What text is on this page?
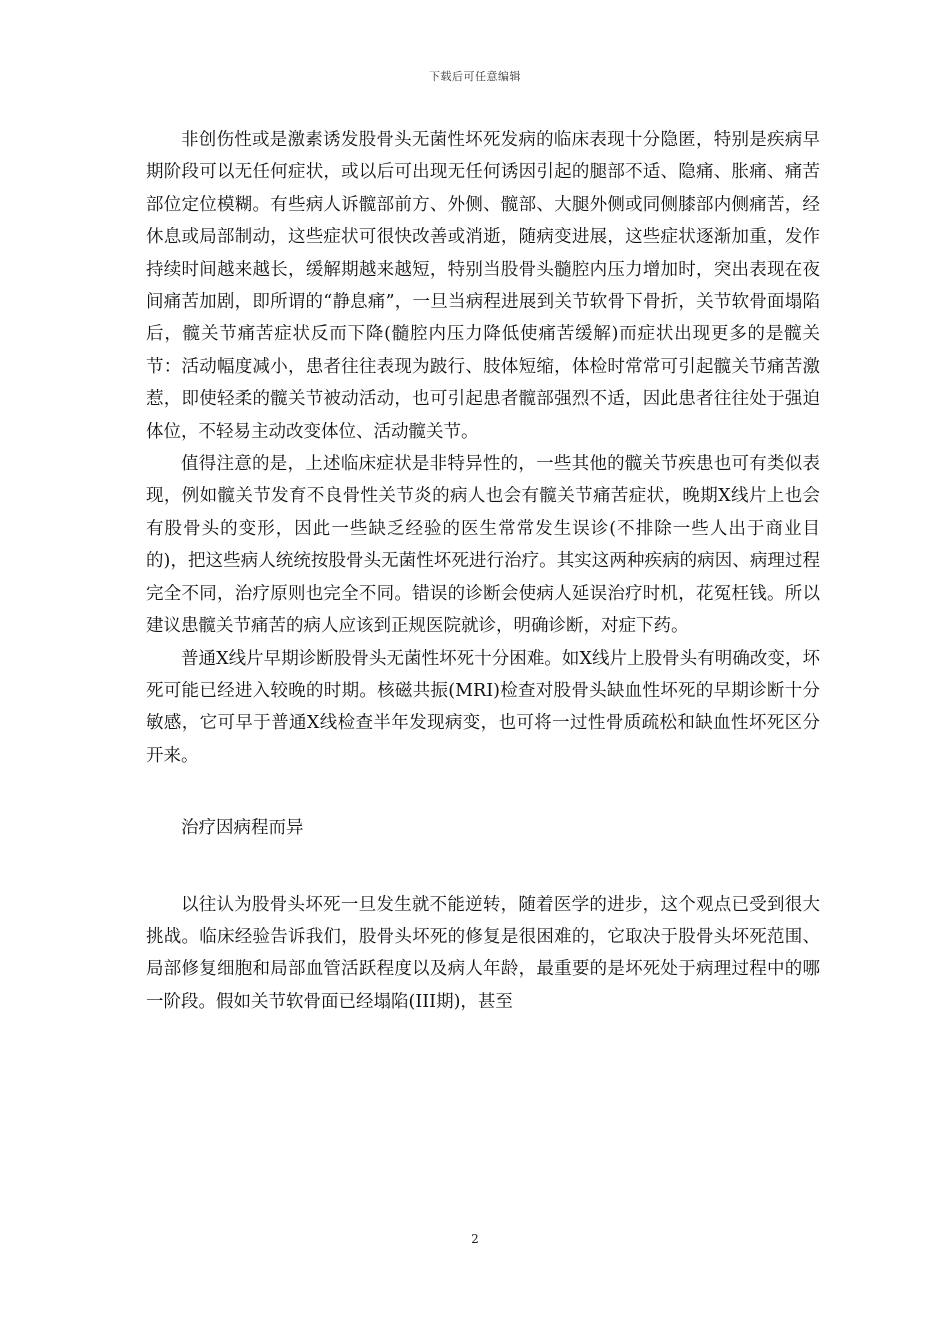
下载后可任意编辑

非创伤性或是激素诱发股骨头无菌性坏死发病的临床表现十分隐匿，特别是疾病早期阶段可以无任何症状，或以后可出现无任何诱因引起的腿部不适、隐痛、胀痛、痛苦部位定位模糊。有些病人诉髋部前方、外侧、髋部、大腿外侧或同侧膝部内侧痛苦，经休息或局部制动，这些症状可很快改善或消逝，随病变进展，这些症状逐渐加重，发作持续时间越来越长，缓解期越来越短，特别当股骨头髓腔内压力增加时，突出表现在夜间痛苦加剧，即所谓的“静息痛”，一旦当病程进展到关节软骨下骨折，关节软骨面塌陷后，髋关节痛苦症状反而下降(髓腔内压力降低使痛苦缓解)而症状出现更多的是髋关节：活动幅度减小，患者往往表现为跛行、肢体短缩，体检时常常可引起髋关节痛苦激惹，即使轻柔的髋关节被动活动，也可引起患者髋部强烈不适，因此患者往往处于强迫体位，不轻易主动改变体位、活动髋关节。

值得注意的是，上述临床症状是非特异性的，一些其他的髋关节疾患也可有类似表现，例如髋关节发育不良骨性关节炎的病人也会有髋关节痛苦症状，晚期X线片上也会有股骨头的变形，因此一些缺乏经验的医生常常发生误诊(不排除一些人出于商业目的)，把这些病人统统按股骨头无菌性坏死进行治疗。其实这两种疾病的病因、病理过程完全不同，治疗原则也完全不同。错误的诊断会使病人延误治疗时机，花冤枉钱。所以建议患髋关节痛苦的病人应该到正规医院就诊，明确诊断，对症下药。

普通X线片早期诊断股骨头无菌性坏死十分困难。如X线片上股骨头有明确改变，坏死可能已经进入较晚的时期。核磁共振(MRI)检查对股骨头缺血性坏死的早期诊断十分敏感，它可早于普通X线检查半年发现病变，也可将一过性骨质疏松和缺血性坏死区分开来。

治疗因病程而异

以往认为股骨头坏死一旦发生就不能逆转，随着医学的进步，这个观点已受到很大挑战。临床经验告诉我们，股骨头坏死的修复是很困难的，它取决于股骨头坏死范围、局部修复细胞和局部血管活跃程度以及病人年龄，最重要的是坏死处于病理过程中的哪一阶段。假如关节软骨面已经塌陷(III期)，甚至

2
